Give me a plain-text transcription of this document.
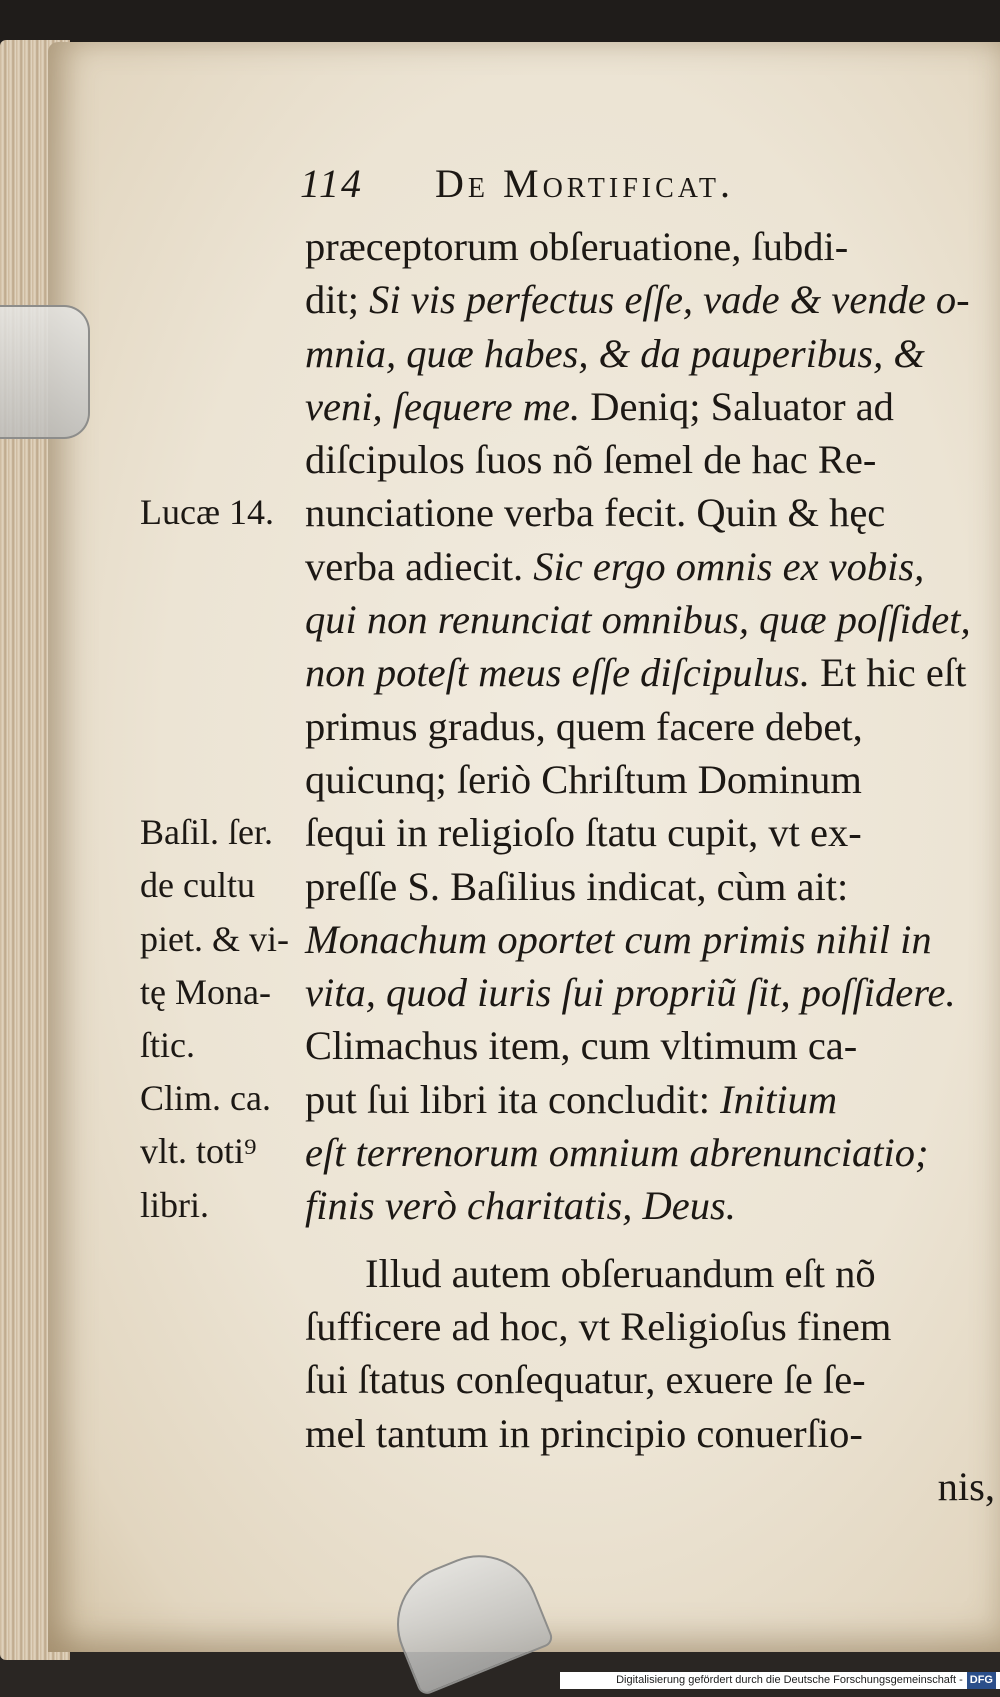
114 De Mortificat.
præceptorum obſeruatione, ſubdi-
dit; Si vis perfectus eſſe, vade & vende o-
mnia, quæ habes, & da pauperibus, &
veni, ſequere me. Deniq; Saluator ad
diſcipulos ſuos nõ ſemel de hac Re-
nunciatione verba fecit. Quin & hęc
verba adiecit. Sic ergo omnis ex vobis,
qui non renunciat omnibus, quæ poſſidet,
non poteſt meus eſſe diſcipulus. Et hic eſt
primus gradus, quem facere debet,
quicunq; ſeriò Chriſtum Dominum
ſequi in religioſo ſtatu cupit, vt ex-
preſſe S. Baſilius indicat, cùm ait:
Monachum oportet cum primis nihil in
vita, quod iuris ſui propriũ ſit, poſſidere.
Climachus item, cum vltimum ca-
put ſui libri ita concludit: Initium
eſt terrenorum omnium abrenunciatio;
finis verò charitatis, Deus.
Illud autem obſeruandum eſt nõ
ſufficere ad hoc, vt Religioſus finem
ſui ſtatus conſequatur, exuere ſe ſe-
mel tantum in principio conuerſio-
nis,
Lucæ 14.
Baſil. ſer.
de cultu
piet. & vi-
tę Mona-
ſtic.
Clim. ca.
vlt. toti⁹
libri.
Digitalisierung gefördert durch die Deutsche Forschungsgemeinschaft - DFG
